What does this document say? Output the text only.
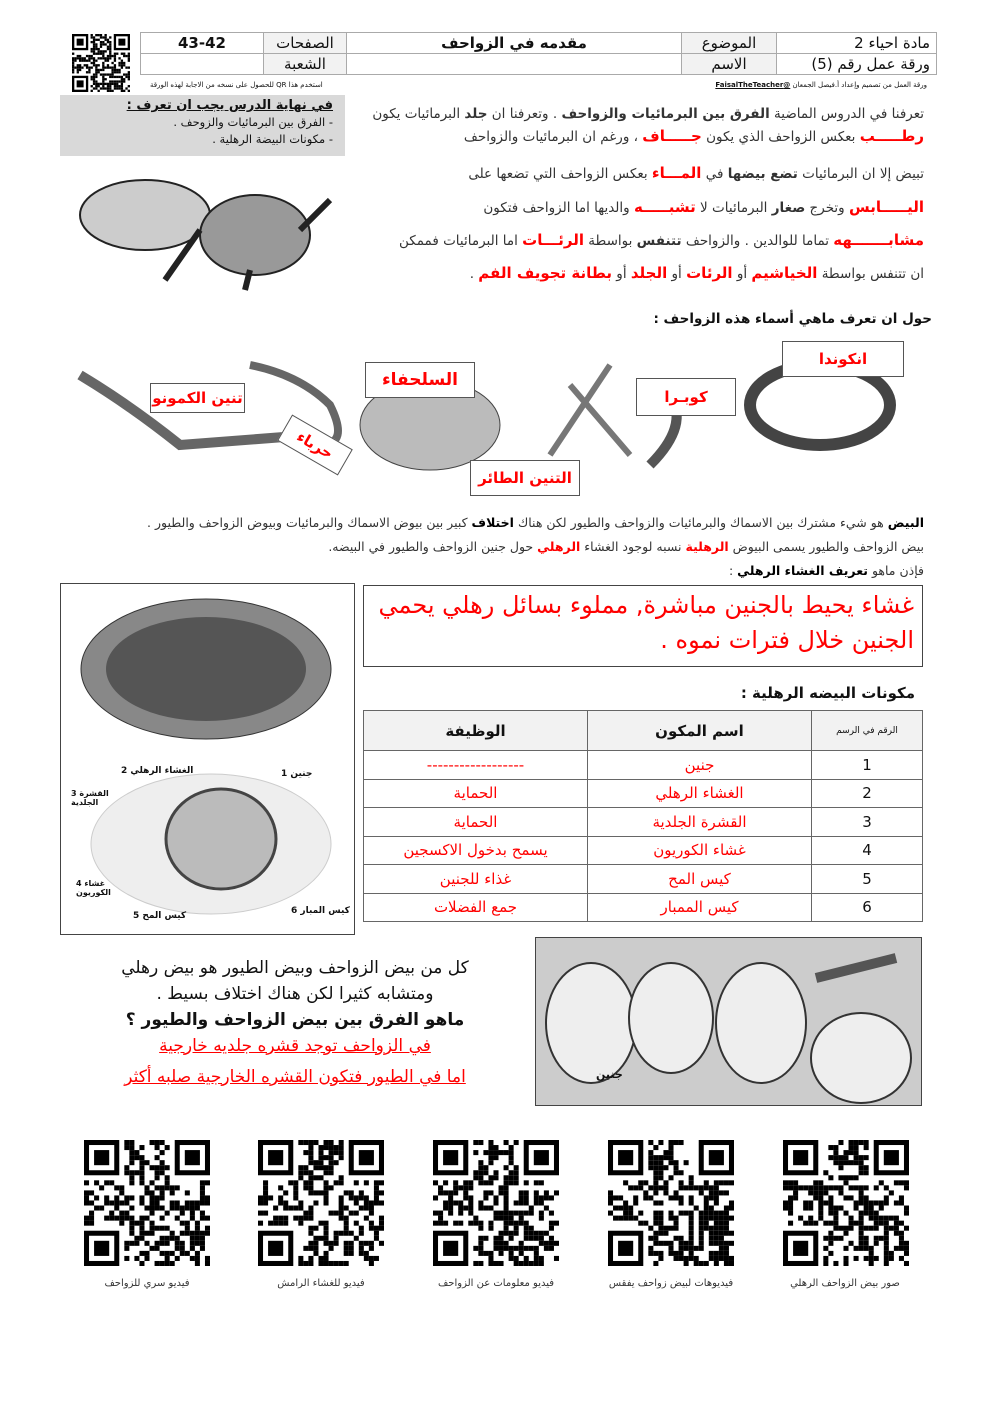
43-42	الصفحات	مقدمه في الزواحف	الموضوع	مادة احياء 2
	الشعبة		الاسم	ورقة عمل رقم (5)
ورقة العمل من تصميم وإعداد أ.فيصل الجمعان @FaisalTheTeacher
استخدم هذا QR للحصول على نسخه من الاجابة لهذه الورقة
في نهاية الدرس يجب ان تعرف :
- الفرق بين البرمائيات والزوحف .
- مكونات البيضة الرهلية .
تعرفنا في الدروس الماضية الفرق بين البرمائيات والزواحف . وتعرفنا ان جلد البرمائيات يكون
رطـــــب بعكس الزواحف الذي يكون جـــــاف ، ورغم ان البرمائيات والزواحف
تبيض إلا ان البرمائيات تضع بيضها في المـــاء بعكس الزواحف التي تضعها على
اليـــــابس وتخرج صغار البرمائيات لا تشبـــــه والديها اما الزواحف فتكون
مشابـــــــهه تماما للوالدين . والزواحف تتنفس بواسطة الرئـــات اما البرمائيات فممكن
ان تتنفس بواسطة الخياشيم أو الرئات أو الجلد أو بطانة تجويف الفم .
حول ان تعرف ماهي أسماء هذه الزواحف :
تنين الكمونو
حرباء
السلحفاء
التنين الطائر
كوبـرا
انكوندا
البيض هو شيء مشترك بين الاسماك والبرمائيات والزواحف والطيور لكن هناك اختلاف كبير بين بيوض الاسماك والبرمائيات وبيوض الزواحف والطيور .
بيض الزواحف والطيور يسمى البيوض الرهلية نسبه لوجود الغشاء الرهلي حول جنين الزواحف والطيور في البيضه.
فإذن ماهو تعريف الغشاء الرهلي :
1 جنين
2 الغشاء الرهلي
3 القشرة الجلدية
4 غشاء الكوريون
5 كيس المح	6 كيس المبار
غشاء يحيط بالجنين مباشرة, مملوء بسائل رهلي يحمي الجنين خلال فترات نموه .
مكونات البيضه الرهلية :
الرقم في الرسم	اسم المكون	الوظيفة
1	جنين	------------------
2	الغشاء الرهلي	الحماية
3	القشرة الجلدية	الحماية
4	غشاء الكوريون	يسمح بدخول الاكسجين
5	كيس المح	غذاء للجنين
6	كيس الممبار	جمع الفضلات
كل من بيض الزواحف وبيض الطيور هو بيض رهلي
ومتشابه كثيرا لكن هناك اختلاف بسيط .
ماهو الفرق بين بيض الزواحف والطيور ؟
في الزواحف توجد قشره جلديه خارجية
اما في الطيور فتكون القشره الخارجية صلبه أكثر	جنين
صور بيض الزواحف الرهلي
فيديوهات لبيض زواحف يفقس
فيديو معلومات عن الزواحف
فيديو للغشاء الرامش
فيديو سري للزواحف
